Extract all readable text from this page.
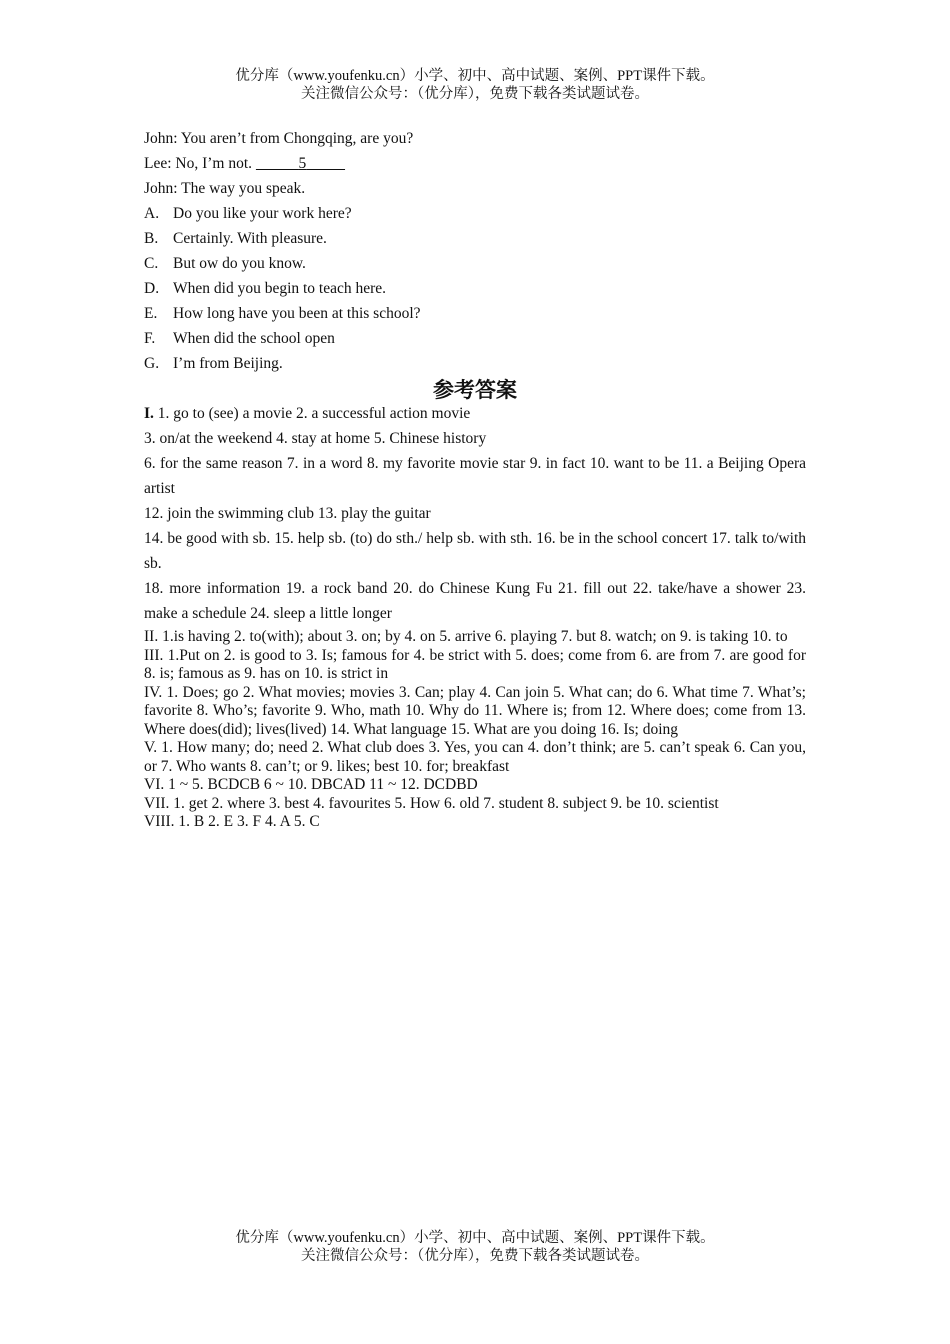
优分库（www.youfenku.cn）小学、初中、高中试题、案例、PPT课件下载。
关注微信公众号：（优分库），免费下载各类试题试卷。
John: You aren’t from Chongqing, are you?
Lee: No, I’m not.	5
John: The way you speak.
A. Do you like your work here?
B. Certainly. With pleasure.
C. But ow do you know.
D. When did you begin to teach here.
E. How long have you been at this school?
F. When did the school open
G. I’m from Beijing.
参考答案

I. 1. go to (see) a movie 2. a successful action movie

3. on/at the weekend 4. stay at home 5. Chinese history

6. for the same reason 7. in a word 8. my favorite movie star 9. in fact 10. want to be 11. a Beijing Opera artist

12. join the swimming club 13. play the guitar

14. be good with sb. 15. help sb. (to) do sth./ help sb. with sth. 16. be in the school concert 17. talk to/with sb.

18. more information 19. a rock band 20. do Chinese Kung Fu 21. fill out 22. take/have a shower 23. make a schedule 24. sleep a little longer

II. 1.is having 2. to(with); about 3. on; by 4. on 5. arrive 6. playing 7. but 8. watch; on 9. is taking 10. to

III. 1.Put on 2. is good to 3. Is; famous for 4. be strict with 5. does; come from 6. are from 7. are good for 8. is; famous as 9. has on 10. is strict in

IV. 1. Does; go 2. What movies; movies 3. Can; play 4. Can join 5. What can; do 6. What time 7. What’s; favorite 8. Who’s; favorite 9. Who, math 10. Why do 11. Where is; from 12. Where does; come from 13. Where does(did); lives(lived) 14. What language 15. What are you doing 16. Is; doing

V. 1. How many; do; need 2. What club does 3. Yes, you can 4. don’t think; are 5. can’t speak 6. Can you, or 7. Who wants 8. can’t; or 9. likes; best 10. for; breakfast

VI. 1 ~ 5. BCDCB 6 ~ 10. DBCAD 11 ~ 12. DCDBD

VII. 1. get 2. where 3. best 4. favourites 5. How 6. old 7. student 8. subject 9. be 10. scientist

VIII. 1. B 2. E 3. F 4. A 5. C

优分库（www.youfenku.cn）小学、初中、高中试题、案例、PPT课件下载。
关注微信公众号：（优分库），免费下载各类试题试卷。
